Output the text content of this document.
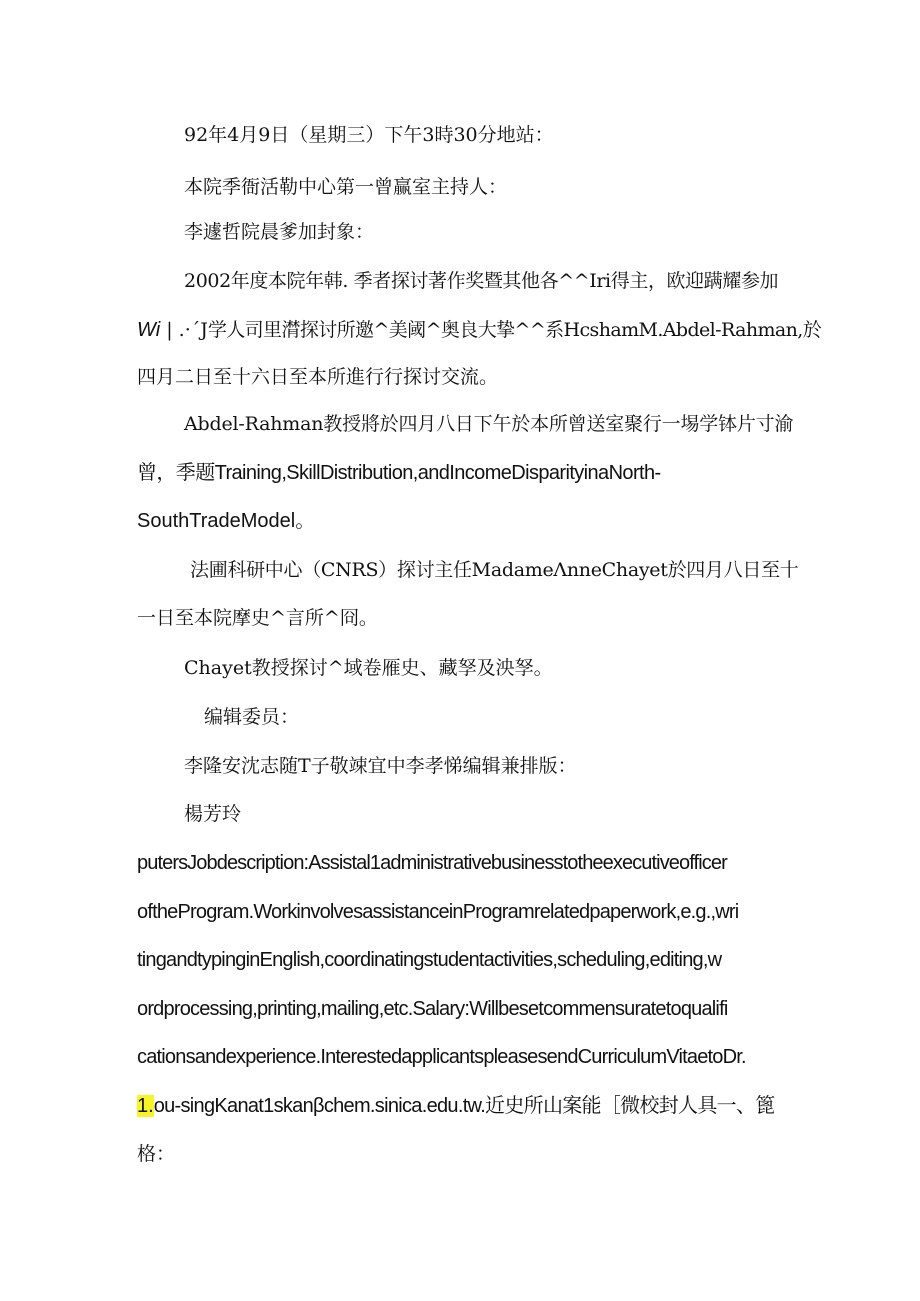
92年4月9日（星期三）下午3時30分地站：
本院季衙活勒中心第一曾赢室主持人：
李遽哲院晨爹加封象：
2002年度本院年韩. 季者探讨著作奖暨其他各^^Iri得主，欧迎蹒耀参加
Wi | .·´J学人司里潸探讨所邀^美阈^奥良大挚^^系HcshamM.Abdel-Rahman,於
四月二日至十六日至本所進行行探讨交流。
Abdel-Rahman教授將於四月八日下午於本所曾送室聚行一埸学钵片寸渝
曾，季题Training,SkillDistribution,andIncomeDisparityinaNorth-
SouthTradeModel。
法圃科研中心（CNRS）探讨主任MadameΛnneChayet於四月八日至十
一日至本院摩史^言所^冏。
Chayet教授探讨^域卷雁史、藏孥及泱孥。
编辑委员：
李隆安沈志随T子敬竦宜中李孝悌编辑兼排版：
楊芳玲
putersJobdescription:Assistal1administrativebusinesstotheexecutiveofficer
oftheProgram.WorkinvolvesassistanceinProgramrelatedpaperwork,e.g.,wri
tingandtypinginEnglish,coordinatingstudentactivities,scheduling,editing,w
ordprocessing,printing,mailing,etc.Salary:Willbesetcommensuratetoqualifi
cationsandexperience.InterestedapplicantspleasesendCurriculumVitaetoDr.
1.ou-singKanat1skanβchem.sinica.edu.tw.近史所山案能［微校封人具一、篦
格：
